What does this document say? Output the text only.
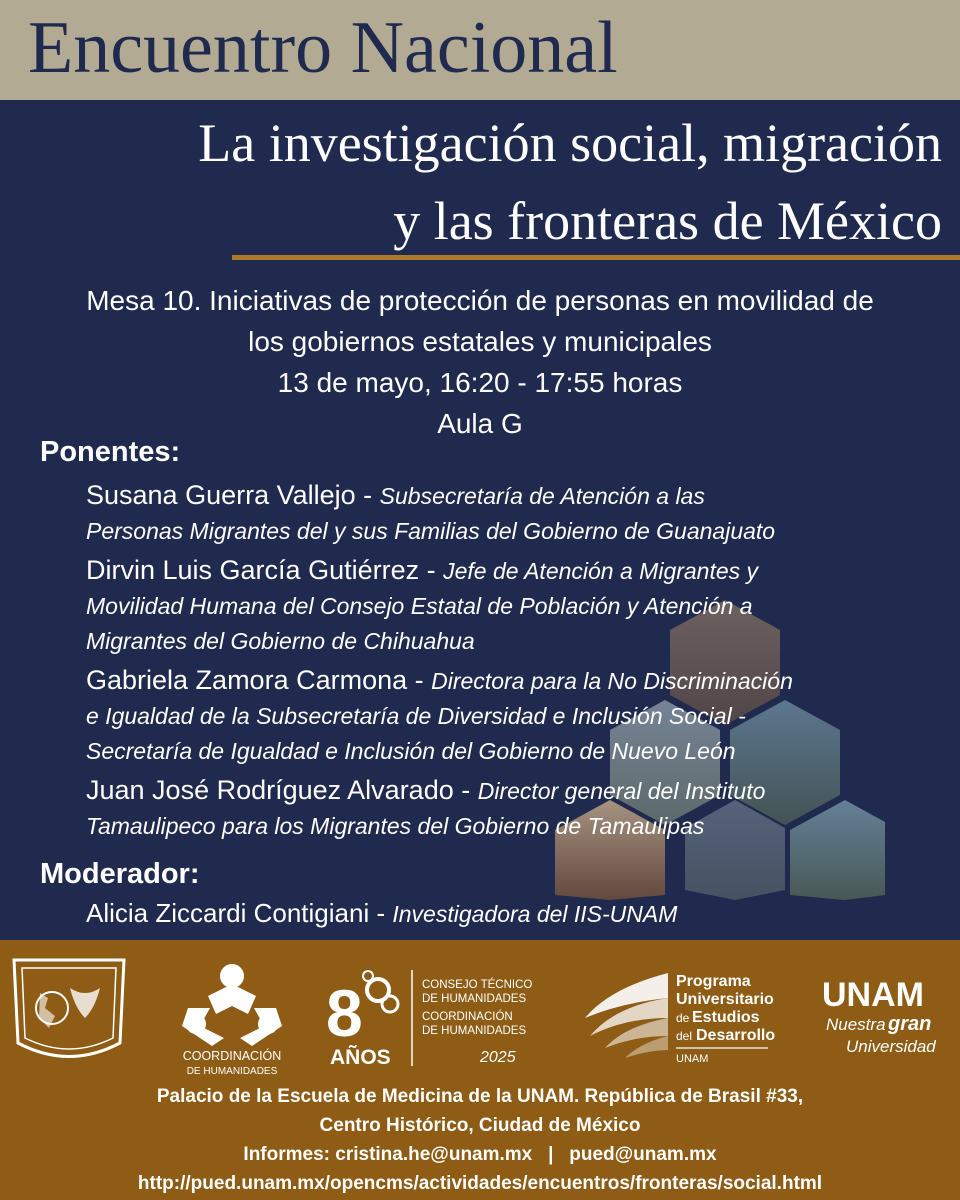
Encuentro Nacional
La investigación social, migración
y las fronteras de México
Mesa 10. Iniciativas de protección de personas en movilidad de
los gobiernos estatales y municipales
13 de mayo, 16:20 - 17:55 horas
Aula G
Ponentes:
Susana Guerra Vallejo - Subsecretaría de Atención a las
Personas Migrantes del y sus Familias del Gobierno de Guanajuato
Dirvin Luis García Gutiérrez - Jefe de Atención a Migrantes y
Movilidad Humana del Consejo Estatal de Población y Atención a
Migrantes del Gobierno de Chihuahua
Gabriela Zamora Carmona - Directora para la No Discriminación
e Igualdad de la Subsecretaría de Diversidad e Inclusión Social -
Secretaría de Igualdad e Inclusión del Gobierno de Nuevo León
Juan José Rodríguez Alvarado - Director general del Instituto
Tamaulipeco para los Migrantes del Gobierno de Tamaulipas
Moderador:
Alicia Ziccardi Contigiani - Investigadora del IIS-UNAM
COORDINACIÓN
DE HUMANIDADES
8
AÑOS
CONSEJO TÉCNICO
DE HUMANIDADES
COORDINACIÓN
DE HUMANIDADES
2025
Programa
Universitario
de Estudios
del Desarrollo
UNAM
UNAM
Nuestra gran
Universidad
Palacio de la Escuela de Medicina de la UNAM. República de Brasil #33,
Centro Histórico, Ciudad de México
Informes: cristina.he@unam.mx   |   pued@unam.mx
http://pued.unam.mx/opencms/actividades/encuentros/fronteras/social.html
